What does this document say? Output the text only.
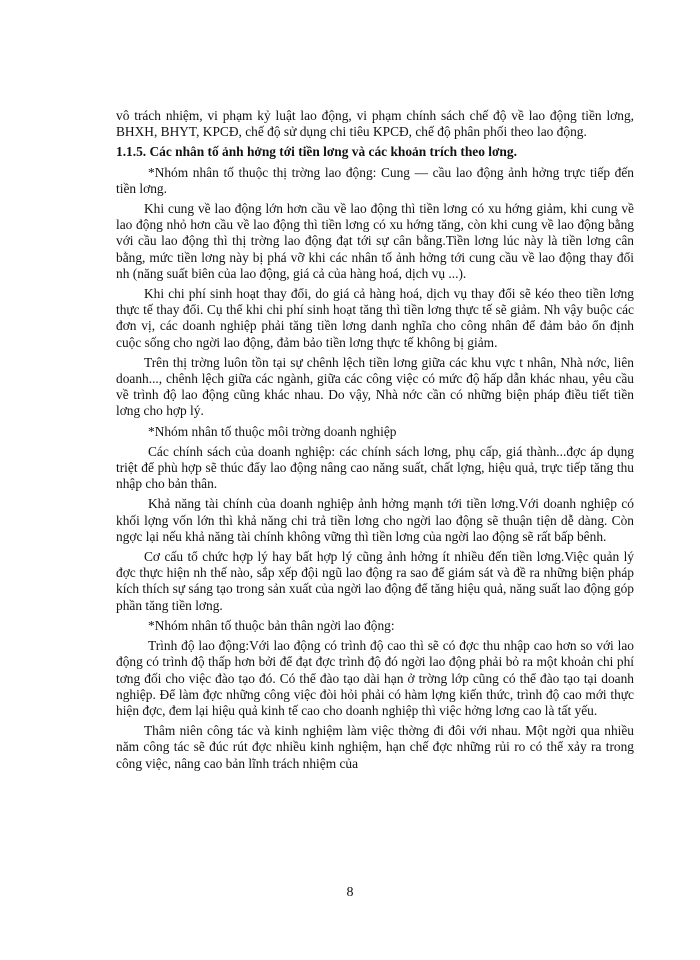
vô trách nhiệm, vi phạm kỷ luật lao động, vi phạm chính sách chế độ về lao động tiền lơng, BHXH, BHYT, KPCĐ, chế độ sử dụng chi tiêu KPCĐ, chế độ phân phối theo lao động.

1.1.5. Các nhân tố ảnh hởng tới tiền lơng và các khoản trích theo lơng.

*Nhóm nhân tố thuộc thị trờng lao động: Cung — cầu lao động ảnh hởng trực tiếp đến tiền lơng.

Khi cung về lao động lớn hơn cầu về lao động thì tiền lơng có xu hớng giảm, khi cung về lao động nhỏ hơn cầu về lao động thì tiền lơng có xu hớng tăng, còn khi cung về lao động bằng với cầu lao động thì thị trờng lao động đạt tới sự cân bằng.Tiền lơng lúc này là tiền lơng cân bằng, mức tiền lơng này bị phá vỡ khi các nhân tố ảnh hởng tới cung cầu về lao động thay đổi nh (năng suất biên của lao động, giá cả của hàng hoá, dịch vụ ...).

Khi chi phí sinh hoạt thay đổi, do giá cả hàng hoá, dịch vụ thay đổi sẽ kéo theo tiền lơng thực tế thay đổi. Cụ thể khi chi phí sinh hoạt tăng thì tiền lơng thực tế sẽ giảm. Nh vậy buộc các đơn vị, các doanh nghiệp phải tăng tiền lơng danh nghĩa cho công nhân để đảm bảo ổn định cuộc sống cho ngời lao động, đảm bảo tiền lơng thực tế không bị giảm.

Trên thị trờng luôn tồn tại sự chênh lệch tiền lơng giữa các khu vực t nhân, Nhà nớc, liên doanh..., chênh lệch giữa các ngành, giữa các công việc có mức độ hấp dẫn khác nhau, yêu cầu về trình độ lao động cũng khác nhau. Do vậy, Nhà nớc cần có những biện pháp điều tiết tiền lơng cho hợp lý.

*Nhóm nhân tố thuộc môi trờng doanh nghiệp

Các chính sách của doanh nghiệp: các chính sách lơng, phụ cấp, giá thành...đợc áp dụng triệt để phù hợp sẽ thúc đẩy lao động nâng cao năng suất, chất lợng, hiệu quả, trực tiếp tăng thu nhập cho bản thân.

Khả năng tài chính của doanh nghiệp ảnh hởng mạnh tới tiền lơng.Với doanh nghiệp có khối lợng vốn lớn thì khả năng chi trả tiền lơng cho ngời lao động sẽ thuận tiện dễ dàng. Còn ngợc lại nếu khả năng tài chính không vững thì tiền lơng của ngời lao động sẽ rất bấp bênh.

Cơ cấu tổ chức hợp lý hay bất hợp lý cũng ảnh hởng ít nhiều đến tiền lơng.Việc quản lý đợc thực hiện nh thế nào, sắp xếp đội ngũ lao động ra sao để giám sát và đề ra những biện pháp kích thích sự sáng tạo trong sản xuất của ngời lao động để tăng hiệu quả, năng suất lao động góp phần tăng tiền lơng.

*Nhóm nhân tố thuộc bản thân ngời lao động:

Trình độ lao động:Với lao động có trình độ cao thì sẽ có đợc thu nhập cao hơn so với lao động có trình độ thấp hơn bởi để đạt đợc trình độ đó ngời lao động phải bỏ ra một khoản chi phí tơng đối cho việc đào tạo đó. Có thể đào tạo dài hạn ở trờng lớp cũng có thể đào tạo tại doanh nghiệp. Để làm đợc những công việc đòi hỏi phải có hàm lợng kiến thức, trình độ cao mới thực hiện đợc, đem lại hiệu quả kinh tế cao cho doanh nghiệp thì việc hởng lơng cao là tất yếu.

Thâm niên công tác và kinh nghiệm làm việc thờng đi đôi với nhau. Một ngời qua nhiều năm công tác sẽ đúc rút đợc nhiều kinh nghiệm, hạn chế đợc những rủi ro có thể xảy ra trong công việc, nâng cao bản lĩnh trách nhiệm của

8
